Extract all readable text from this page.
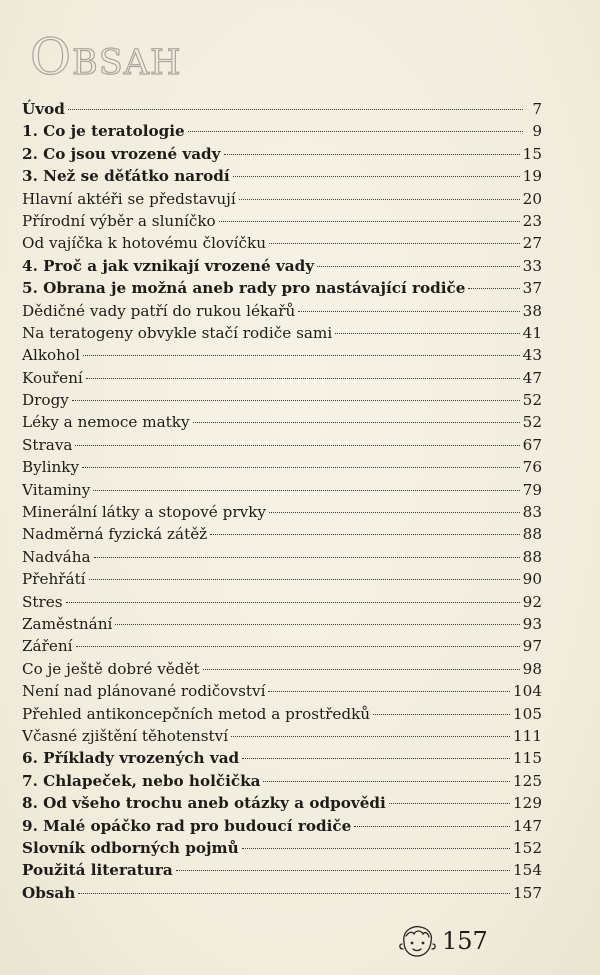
Obsah
Úvod	7
1. Co je teratologie	9
2. Co jsou vrozené vady	15
3. Než se děťátko narodí	19
Hlavní aktéři se představují	20
Přírodní výběr a sluníčko	23
Od vajíčka k hotovému človíčku	27
4. Proč a jak vznikají vrozené vady	33
5. Obrana je možná aneb rady pro nastávající rodiče	37
Dědičné vady patří do rukou lékařů	38
Na teratogeny obvykle stačí rodiče sami	41
Alkohol	43
Kouření	47
Drogy	52
Léky a nemoce matky	52
Strava	67
Bylinky	76
Vitaminy	79
Minerální látky a stopové prvky	83
Nadměrná fyzická zátěž	88
Nadváha	88
Přehřátí	90
Stres	92
Zaměstnání	93
Záření	97
Co je ještě dobré vědět	98
Není nad plánované rodičovství	104
Přehled antikoncepčních metod a prostředků	105
Včasné zjištění těhotenství	111
6. Příklady vrozených vad	115
7. Chlapeček, nebo holčička	125
8. Od všeho trochu aneb otázky a odpovědi	129
9. Malé opáčko rad pro budoucí rodiče	147
Slovník odborných pojmů	152
Použitá literatura	154
Obsah	157
157
